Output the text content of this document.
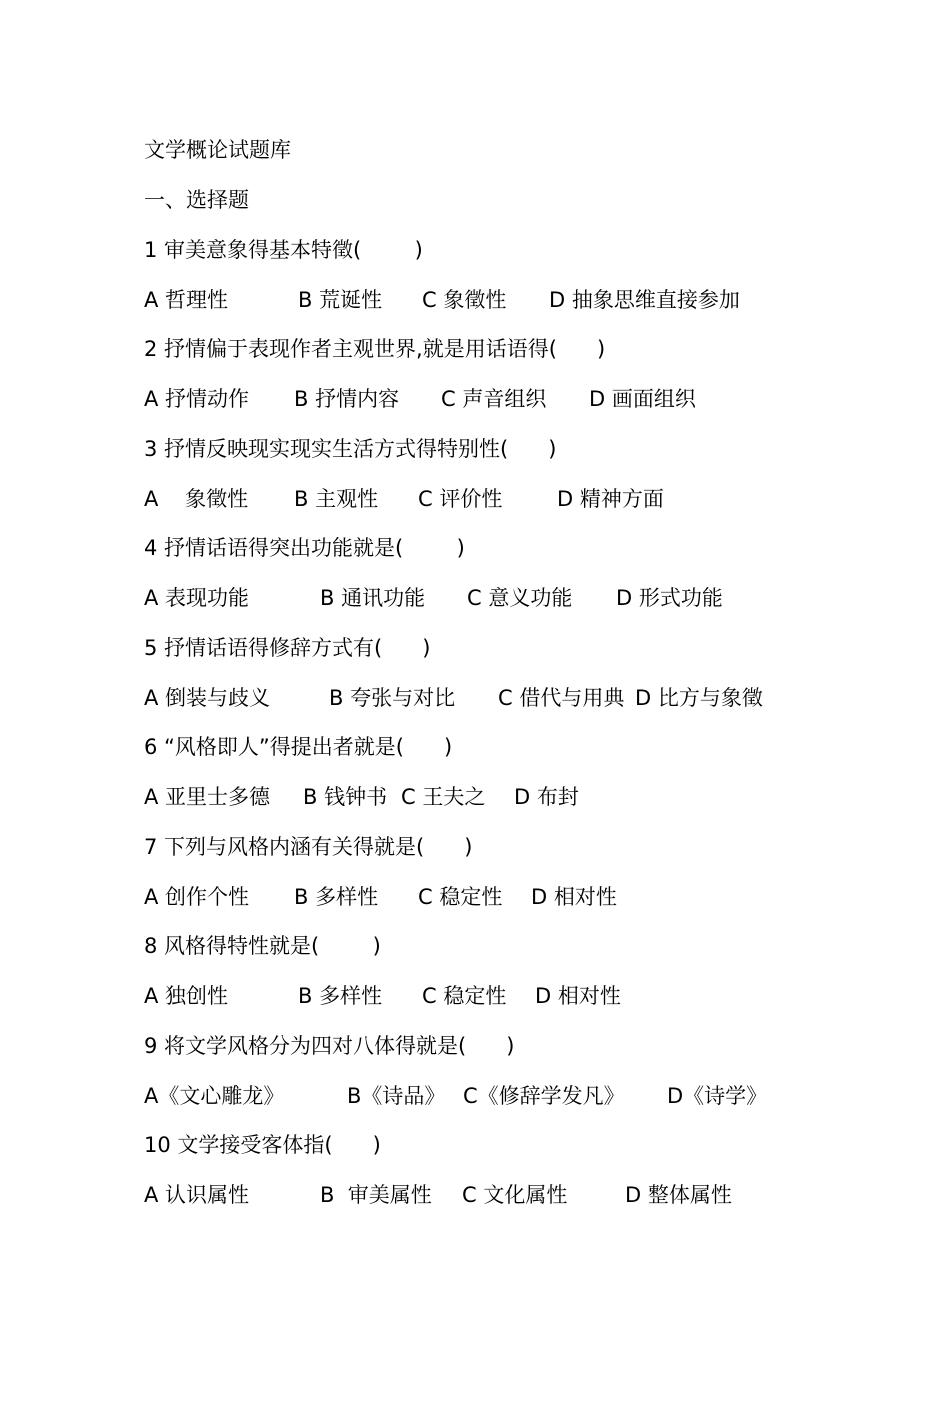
文学概论试题库
一、选择题
1 审美意象得基本特徵(        )

A 哲理性

	B 荒诞性

C 象徵性

D 抽象思维直接参加

2 抒情偏于表现作者主观世界,就是用话语得(      )

A 抒情动作

B 抒情内容

C 声音组织

D 画面组织

3 抒情反映现实现实生活方式得特别性(      )

A    象徵性

B 主观性

C 评价性

	D 精神方面

4 抒情话语得突出功能就是(        )

A 表现功能

	B 通讯功能

C 意义功能

D 形式功能

5 抒情话语得修辞方式有(      )

A 倒装与歧义

	B 夸张与对比

C 借代与用典

D 比方与象徵

6 “风格即人”得提出者就是(      )

A 亚里士多德

B 钱钟书

C 王夫之

D 布封

7 下列与风格内涵有关得就是(      )

A 创作个性

B 多样性

C 稳定性

D 相对性

8 风格得特性就是(        )

A 独创性

	B 多样性

C 稳定性

D 相对性

9 将文学风格分为四对八体得就是(      )

A《文心雕龙》

	B《诗品》

C《修辞学发凡》

D《诗学》

10 文学接受客体指(      )

A 认识属性

	B  审美属性

C 文化属性

	D 整体属性
